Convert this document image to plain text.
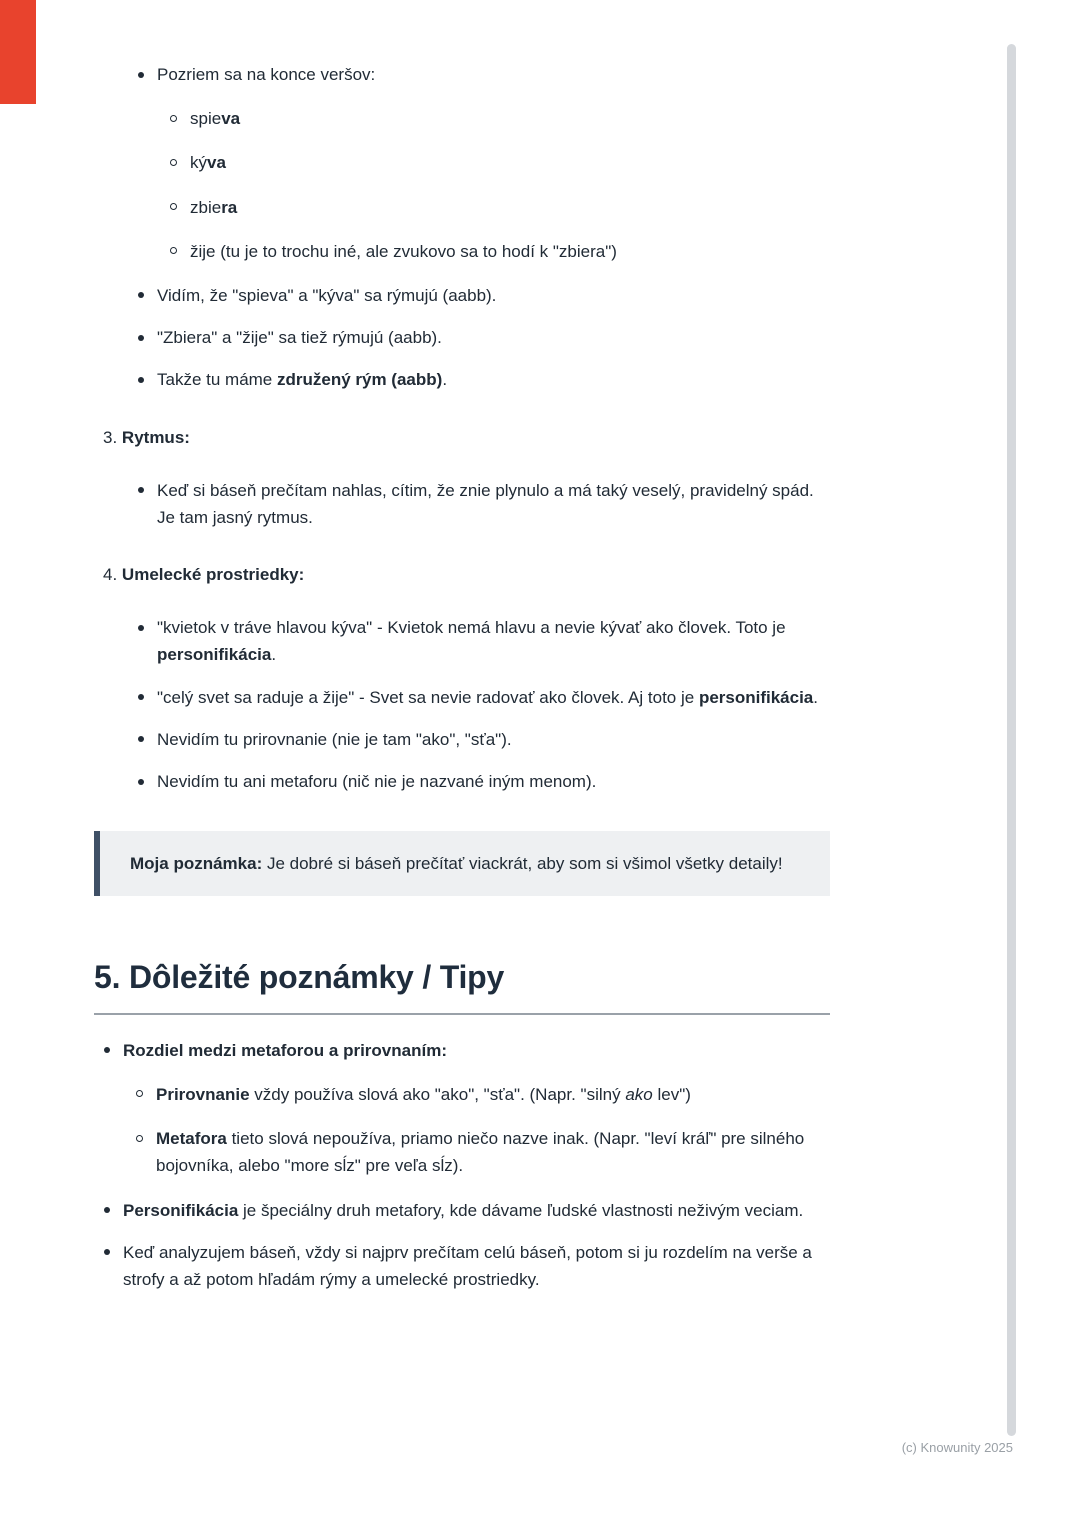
Pozriem sa na konce veršov:

spieva

kýva

zbiera

žije (tu je to trochu iné, ale zvukovo sa to hodí k "zbiera")

Vidím, že "spieva" a "kýva" sa rýmujú (aabb).

"Zbiera" a "žije" sa tiež rýmujú (aabb).

Takže tu máme združený rým (aabb).

3. Rytmus:

Keď si báseň prečítam nahlas, cítim, že znie plynulo a má taký veselý, pravidelný spád. Je tam jasný rytmus.

4. Umelecké prostriedky:

"kvietok v tráve hlavou kýva" - Kvietok nemá hlavu a nevie kývať ako človek. Toto je personifikácia.

"celý svet sa raduje a žije" - Svet sa nevie radovať ako človek. Aj toto je personifikácia.

Nevidím tu prirovnanie (nie je tam "ako", "sťa").

Nevidím tu ani metaforu (nič nie je nazvané iným menom).

Moja poznámka: Je dobré si báseň prečítať viackrát, aby som si všimol všetky detaily!

5. Dôležité poznámky / Tipy

Rozdiel medzi metaforou a prirovnaním:

Prirovnanie vždy používa slová ako "ako", "sťa". (Napr. "silný ako lev")

Metafora tieto slová nepoužíva, priamo niečo nazve inak. (Napr. "leví kráľ" pre silného bojovníka, alebo "more sĺz" pre veľa sĺz).

Personifikácia je špeciálny druh metafory, kde dávame ľudské vlastnosti neživým veciam.

Keď analyzujem báseň, vždy si najprv prečítam celú báseň, potom si ju rozdelím na verše a strofy a až potom hľadám rýmy a umelecké prostriedky.

(c) Knowunity 2025
